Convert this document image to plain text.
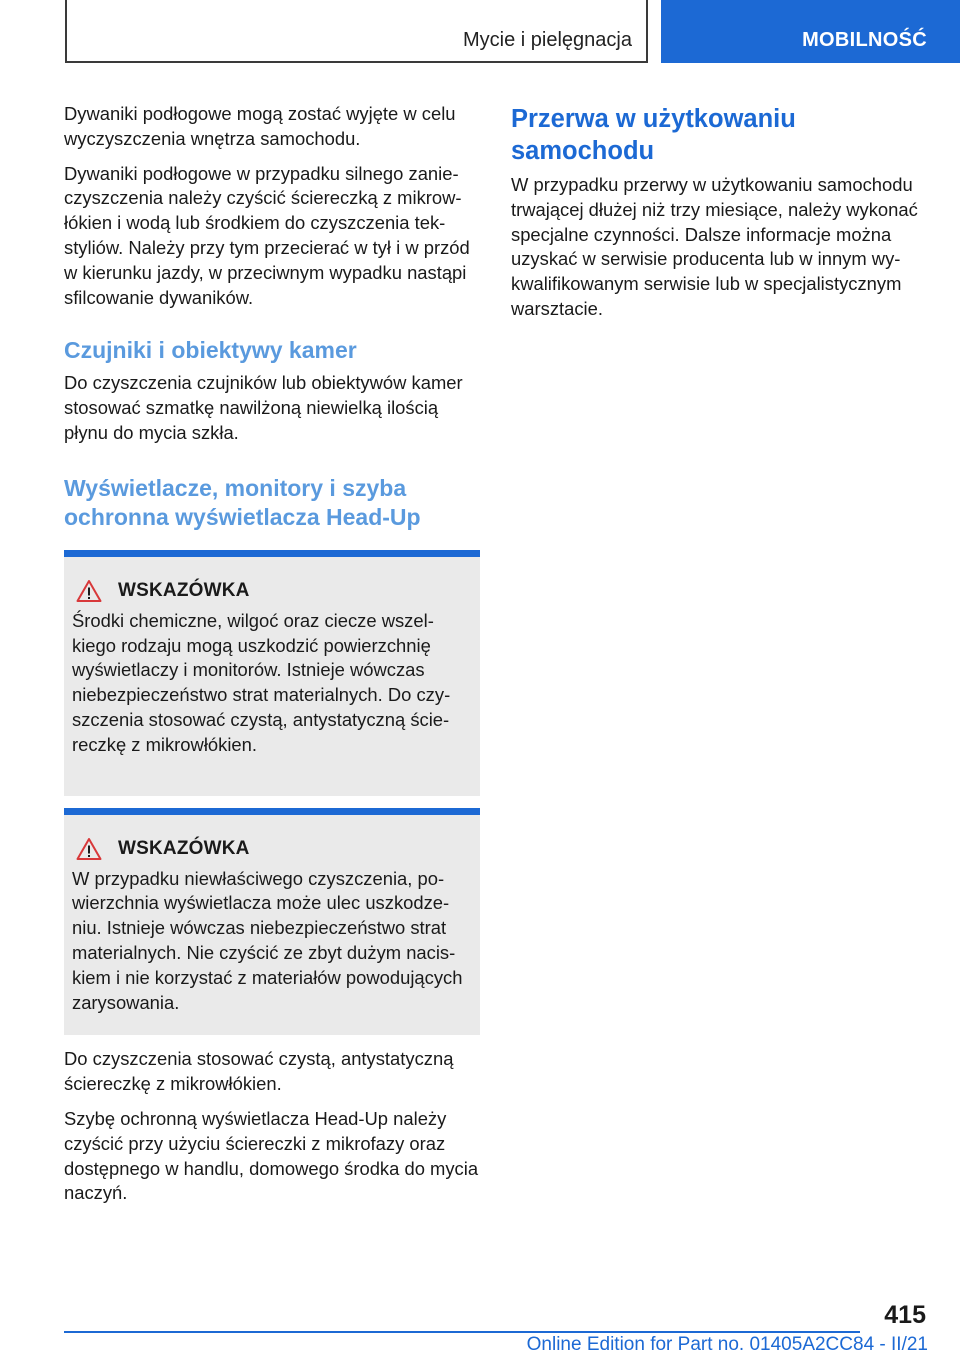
Mycie i pielęgnacja	MOBILNOŚĆ

Dywaniki podłogowe mogą zostać wyjęte w celu wyczyszczenia wnętrza samochodu.

Dywaniki podłogowe w przypadku silnego zanieczyszczenia należy czyścić ściereczką z mikrowłókien i wodą lub środkiem do czyszczenia tekstyliów. Należy przy tym przecierać w tył i w przód w kierunku jazdy, w przeciwnym wypadku nastąpi sfilcowanie dywaników.

Czujniki i obiektywy kamer

Do czyszczenia czujników lub obiektywów kamer stosować szmatkę nawilżoną niewielką ilością płynu do mycia szkła.

Wyświetlacze, monitory i szyba ochronna wyświetlacza Head-Up
WSKAZÓWKA

Środki chemiczne, wilgoć oraz ciecze wszelkiego rodzaju mogą uszkodzić powierzchnię wyświetlaczy i monitorów. Istnieje wówczas niebezpieczeństwo strat materialnych. Do czyszczenia stosować czystą, antystatyczną ściereczkę z mikrowłókien.

WSKAZÓWKA

W przypadku niewłaściwego czyszczenia, powierzchnia wyświetlacza może ulec uszkodzeniu. Istnieje wówczas niebezpieczeństwo strat materialnych. Nie czyścić ze zbyt dużym naciskiem i nie korzystać z materiałów powodujących zarysowania.

Do czyszczenia stosować czystą, antystatyczną ściereczkę z mikrowłókien.

Szybę ochronną wyświetlacza Head-Up należy czyścić przy użyciu ściereczki z mikrofazy oraz dostępnego w handlu, domowego środka do mycia naczyń.

Przerwa w użytkowaniu samochodu

W przypadku przerwy w użytkowaniu samochodu trwającej dłużej niż trzy miesiące, należy wykonać specjalne czynności. Dalsze informacje można uzyskać w serwisie producenta lub w innym wykwalifikowanym serwisie lub w specjalistycznym warsztacie.

415
Online Edition for Part no. 01405A2CC84 - II/21
